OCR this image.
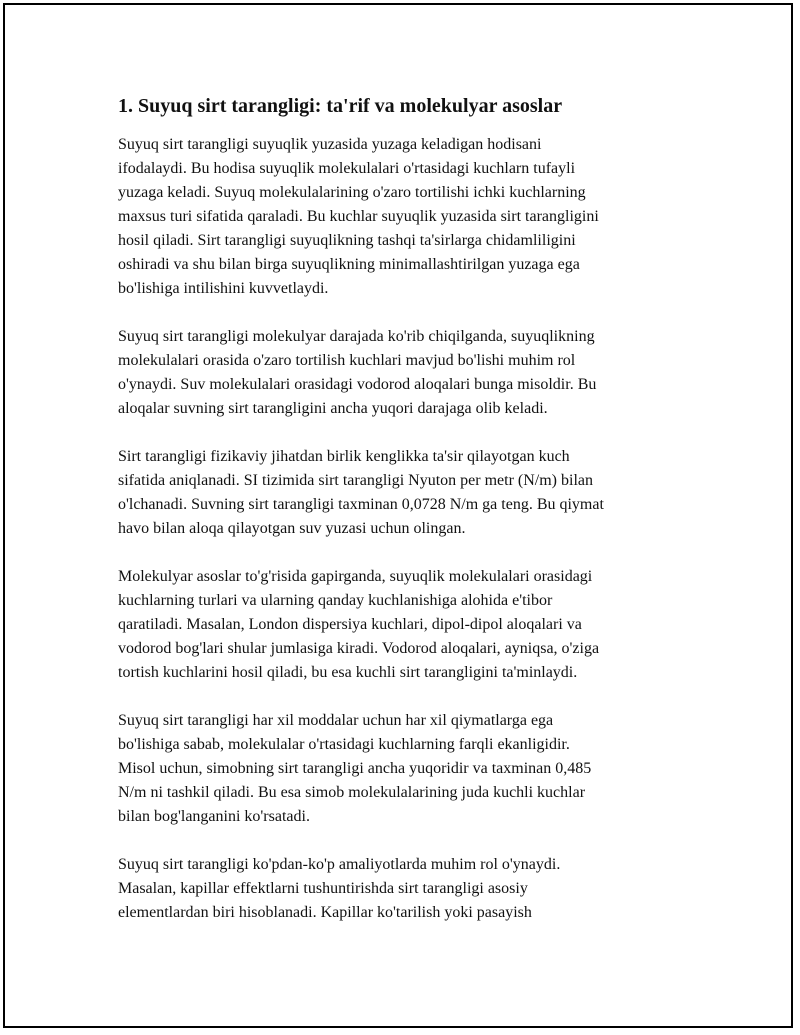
1. Suyuq sirt tarangligi: ta'rif va molekulyar asoslar
Suyuq sirt tarangligi suyuqlik yuzasida yuzaga keladigan hodisani
ifodalaydi. Bu hodisa suyuqlik molekulalari o'rtasidagi kuchlarn tufayli
yuzaga keladi. Suyuq molekulalarining o'zaro tortilishi ichki kuchlarning
maxsus turi sifatida qaraladi. Bu kuchlar suyuqlik yuzasida sirt tarangligini
hosil qiladi. Sirt tarangligi suyuqlikning tashqi ta'sirlarga chidamliligini
oshiradi va shu bilan birga suyuqlikning minimallashtirilgan yuzaga ega
bo'lishiga intilishini kuvvetlaydi.
Suyuq sirt tarangligi molekulyar darajada ko'rib chiqilganda, suyuqlikning
molekulalari orasida o'zaro tortilish kuchlari mavjud bo'lishi muhim rol
o'ynaydi. Suv molekulalari orasidagi vodorod aloqalari bunga misoldir. Bu
aloqalar suvning sirt tarangligini ancha yuqori darajaga olib keladi.
Sirt tarangligi fizikaviy jihatdan birlik kenglikka ta'sir qilayotgan kuch
sifatida aniqlanadi. SI tizimida sirt tarangligi Nyuton per metr (N/m) bilan
o'lchanadi. Suvning sirt tarangligi taxminan 0,0728 N/m ga teng. Bu qiymat
havo bilan aloqa qilayotgan suv yuzasi uchun olingan.
Molekulyar asoslar to'g'risida gapirganda, suyuqlik molekulalari orasidagi
kuchlarning turlari va ularning qanday kuchlanishiga alohida e'tibor
qaratiladi. Masalan, London dispersiya kuchlari, dipol-dipol aloqalari va
vodorod bog'lari shular jumlasiga kiradi. Vodorod aloqalari, ayniqsa, o'ziga
tortish kuchlarini hosil qiladi, bu esa kuchli sirt tarangligini ta'minlaydi.
Suyuq sirt tarangligi har xil moddalar uchun har xil qiymatlarga ega
bo'lishiga sabab, molekulalar o'rtasidagi kuchlarning farqli ekanligidir.
Misol uchun, simobning sirt tarangligi ancha yuqoridir va taxminan 0,485
N/m ni tashkil qiladi. Bu esa simob molekulalarining juda kuchli kuchlar
bilan bog'langanini ko'rsatadi.
Suyuq sirt tarangligi ko'pdan-ko'p amaliyotlarda muhim rol o'ynaydi.
Masalan, kapillar effektlarni tushuntirishda sirt tarangligi asosiy
elementlardan biri hisoblanadi. Kapillar ko'tarilish yoki pasayish
